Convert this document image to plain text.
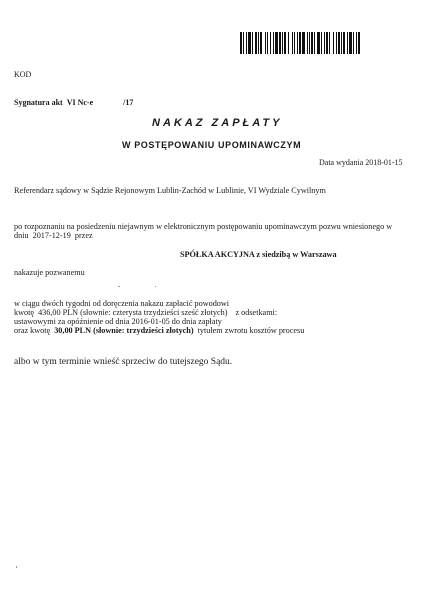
KOD
Sygnatura akt VI Nc-e	/17
NAKAZ ZAPŁATY
W POSTĘPOWANIU UPOMINAWCZYM
Data wydania 2018-01-15
Referendarz sądowy w Sądzie Rejonowym Lublin-Zachód w Lublinie, VI Wydziale Cywilnym
po rozpoznaniu na posiedzeniu niejawnym w elektronicznym postępowaniu upominawczym pozwu wniesionego w
dniu 2017-12-19 przez
SPÓŁKA AKCYJNA z siedzibą w Warszawa
nakazuje pozwanemu
w ciągu dwóch tygodni od doręczenia nakazu zapłacić powodowi
kwotę 436,00 PLN (słownie: czterysta trzydzieści sześć złotych) z odsetkami:
ustawowymi za opóźnienie od dnia 2016-01-05 do dnia zapłaty
oraz kwotę 30,00 PLN (słownie: trzydzieści złotych) tytułem zwrotu kosztów procesu
albo w tym terminie wnieść sprzeciw do tutejszego Sądu.
